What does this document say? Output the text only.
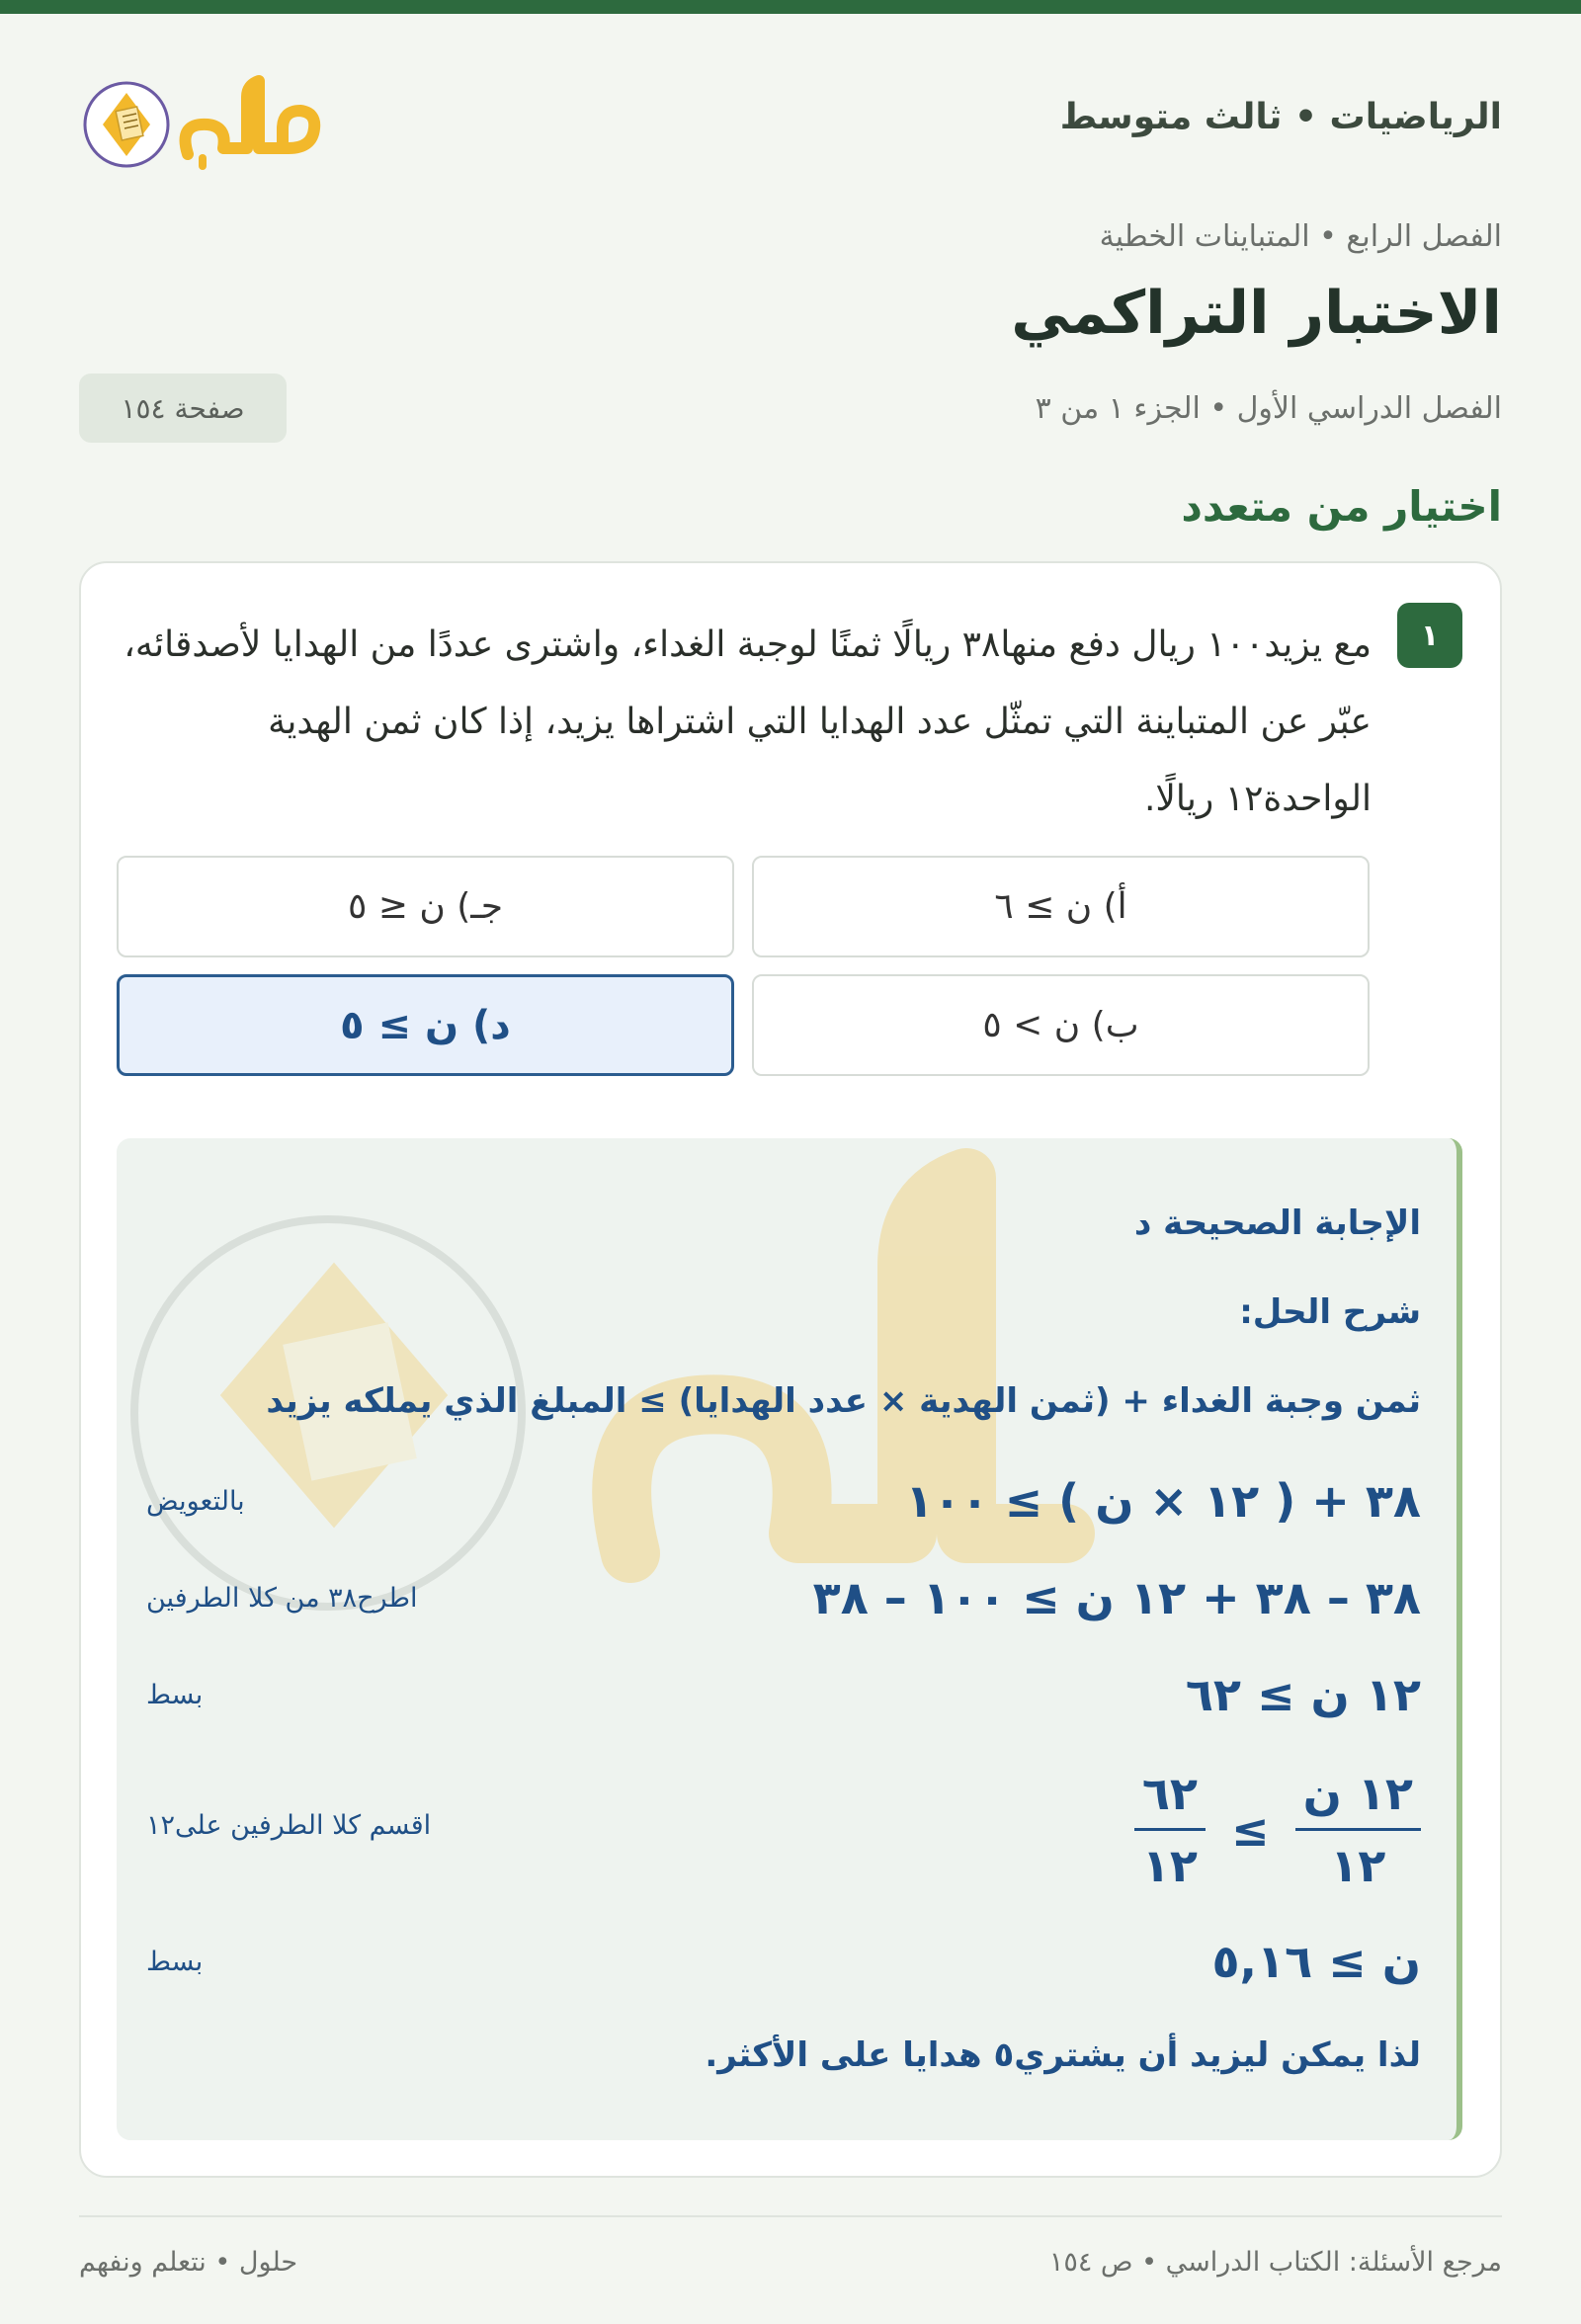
الرياضيات • ثالث متوسط
الفصل الرابع • المتباينات الخطية
الاختبار التراكمي
الفصل الدراسي الأول • الجزء ١ من ٣
صفحة ١٥٤
اختيار من متعدد
١
مع يزيد١٠٠ ريال دفع منها٣٨ ريالًا ثمنًا لوجبة الغداء، واشترى عددًا من الهدايا لأصدقائه، عبّر عن المتباينة التي تمثّل عدد الهدايا التي اشتراها يزيد، إذا كان ثمن الهدية الواحدة١٢ ريالًا.
أ) ن ≥ ٦
جـ) ن ≤ ٥
ب) ن > ٥
د) ن ≥ ٥
الإجابة الصحيحة د
شرح الحل:
ثمن وجبة الغداء + (ثمن الهدية × عدد الهدايا) ≥ المبلغ الذي يملكه يزيد
٣٨ + ( ١٢ × ن ) ≥ ١٠٠
بالتعويض
٣٨ – ٣٨ + ١٢ ن ≥ ١٠٠ – ٣٨
اطرح٣٨ من كلا الطرفين
١٢ ن ≥ ٦٢
بسط
$\frac{\text{١٢ ن}}{١٢}$
≥
$\frac{٦٢}{١٢}$
اقسم كلا الطرفين على١٢
ن ≥ ٥,١٦
بسط
لذا يمكن ليزيد أن يشتري٥ هدايا على الأكثر.
مرجع الأسئلة: الكتاب الدراسي • ص ١٥٤
حلول • نتعلم ونفهم
